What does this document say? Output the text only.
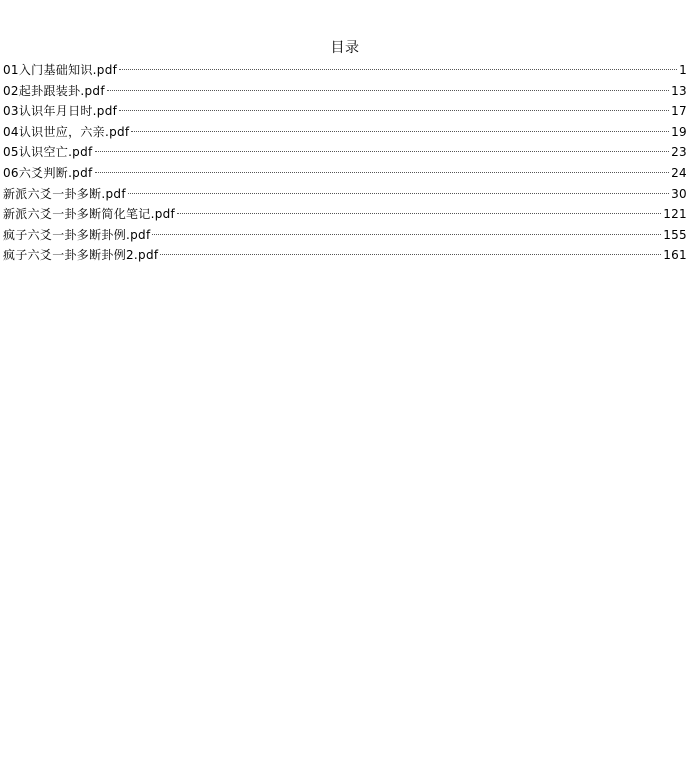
目录
01入门基础知识.pdf	1
02起卦跟装卦.pdf	13
03认识年月日时.pdf	17
04认识世应，六亲.pdf	19
05认识空亡.pdf	23
06六爻判断.pdf	24
新派六爻一卦多断.pdf	30
新派六爻一卦多断简化笔记.pdf	121
疯子六爻一卦多断卦例.pdf	155
疯子六爻一卦多断卦例2.pdf	161
